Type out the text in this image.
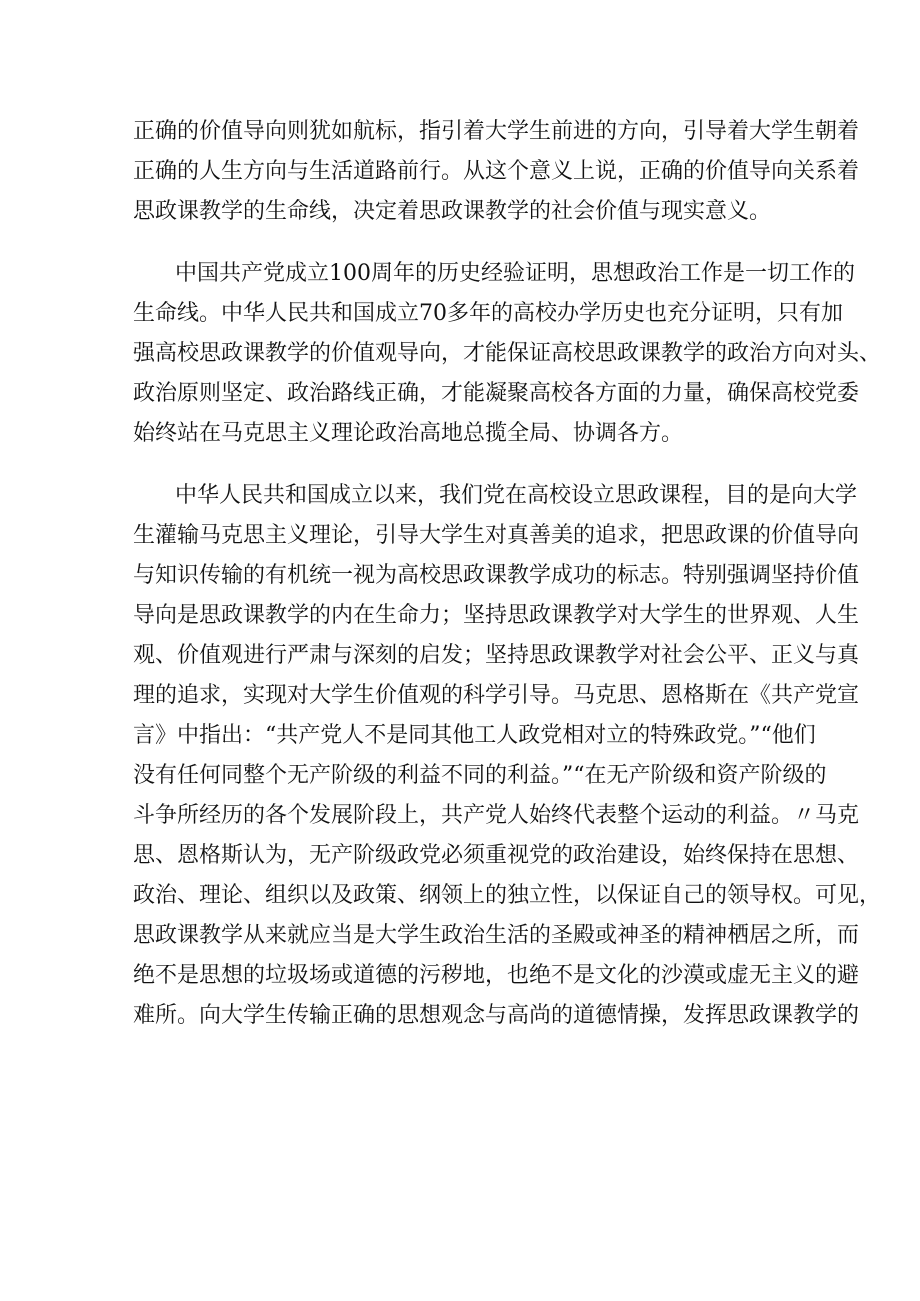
正确的价值导向则犹如航标，指引着大学生前进的方向，引导着大学生朝着
正确的人生方向与生活道路前行。从这个意义上说，正确的价值导向关系着
思政课教学的生命线，决定着思政课教学的社会价值与现实意义。
中国共产党成立100周年的历史经验证明，思想政治工作是一切工作的
生命线。中华人民共和国成立70多年的高校办学历史也充分证明，只有加
强高校思政课教学的价值观导向，才能保证高校思政课教学的政治方向对头、
政治原则坚定、政治路线正确，才能凝聚高校各方面的力量，确保高校党委
始终站在马克思主义理论政治高地总揽全局、协调各方。
中华人民共和国成立以来，我们党在高校设立思政课程，目的是向大学
生灌输马克思主义理论，引导大学生对真善美的追求，把思政课的价值导向
与知识传输的有机统一视为高校思政课教学成功的标志。特别强调坚持价值
导向是思政课教学的内在生命力；坚持思政课教学对大学生的世界观、人生
观、价值观进行严肃与深刻的启发；坚持思政课教学对社会公平、正义与真
理的追求，实现对大学生价值观的科学引导。马克思、恩格斯在《共产党宣
言》中指出：“共产党人不是同其他工人政党相对立的特殊政党。”“他们
没有任何同整个无产阶级的利益不同的利益。”“在无产阶级和资产阶级的
斗争所经历的各个发展阶段上，共产党人始终代表整个运动的利益。〃马克
思、恩格斯认为，无产阶级政党必须重视党的政治建设，始终保持在思想、
政治、理论、组织以及政策、纲领上的独立性，以保证自己的领导权。可见，
思政课教学从来就应当是大学生政治生活的圣殿或神圣的精神栖居之所，而
绝不是思想的垃圾场或道德的污秽地，也绝不是文化的沙漠或虚无主义的避
难所。向大学生传输正确的思想观念与高尚的道德情操，发挥思政课教学的
